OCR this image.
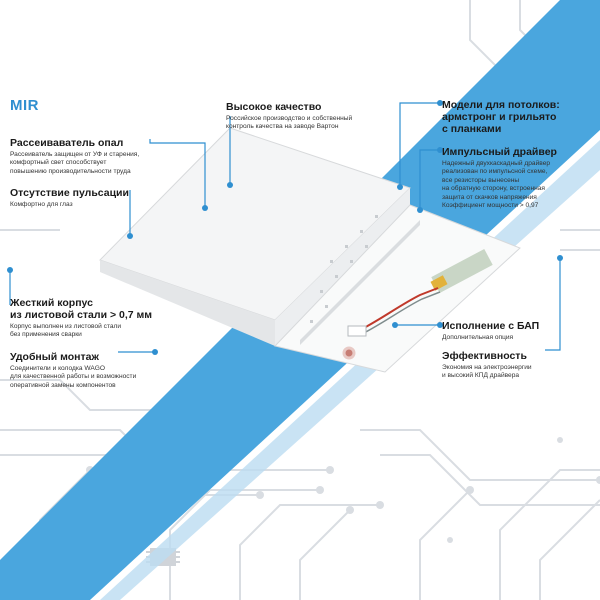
MIR
Рассеиваватель опал
Рассеиватель защищен от УФ и старения,
комфортный свет способствует
повышению производительности труда
Отсутствие пульсации
Комфортно для глаз
Жесткий корпус
из листовой стали > 0,7 мм
Корпус выполнен из листовой стали
без применения сварки
Удобный монтаж
Соединители и колодка WAGO
для качественной работы и возможности
оперативной замены компонентов
Высокое качество
Российское производство и собственный
контроль качества на заводе Вартон
Модели для потолков:
армстронг и грильято
с планками
Импульсный драйвер
Надежный двухкаскадный драйвер
реализован по импульсной схеме,
все резисторы вынесены
на обратную сторону, встроенная
защита от скачков напряжения
Коэффициент мощности > 0,97
Исполнение с БАП
Дополнительная опция
Эффективность
Экономия на электроэнергии
и высокий КПД драйвера
